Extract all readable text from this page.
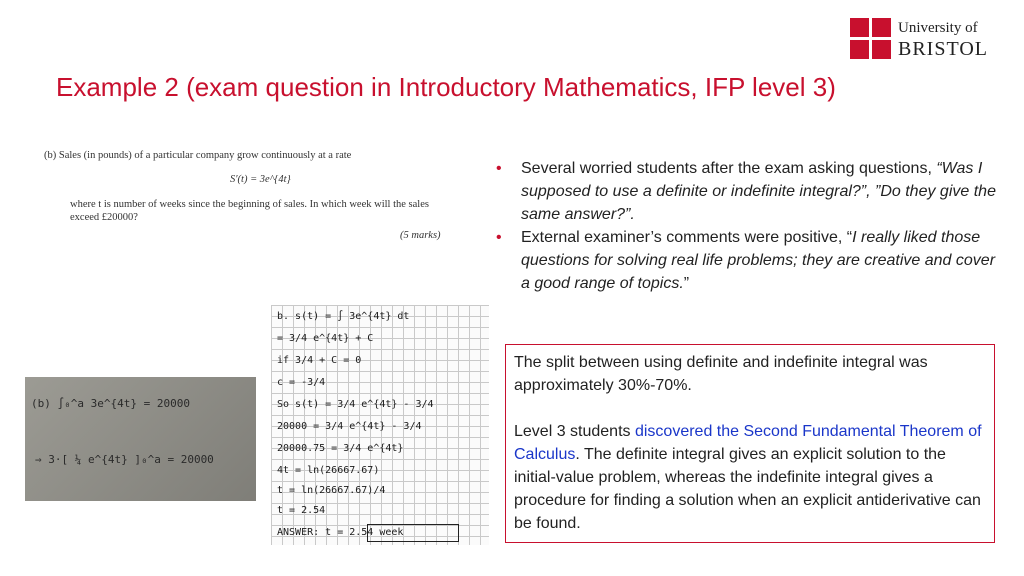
University of
BRISTOL
Example 2 (exam question in Introductory Mathematics, IFP level 3)
(b) Sales (in pounds) of a particular company grow continuously at a rate
S′(t) = 3e^{4t}
where t is number of weeks since the beginning of sales. In which week will the sales exceed £20000?
(5 marks)
(b) ∫₀^a 3e^{4t} = 20000
⇒ 3·[ ¼ e^{4t} ]₀^a = 20000
b. s(t) = ∫ 3e^{4t} dt
= 3/4 e^{4t} + C
if 3/4 + C = 0
c = -3/4
So s(t) = 3/4 e^{4t} - 3/4
20000 = 3/4 e^{4t} - 3/4
20000.75 = 3/4 e^{4t}
4t = ln(26667.67)
t = ln(26667.67)/4
t = 2.54
ANSWER: t = 2.54 week
• Several worried students after the exam asking questions, “Was I supposed to use a definite or indefinite integral?”, ”Do they give the same answer?”.
• External examiner’s comments were positive, “I really liked those questions for solving real life problems; they are creative and cover a good range of topics.”

The split between using definite and indefinite integral was approximately 30%-70%.

Level 3 students discovered the Second Fundamental Theorem of Calculus. The definite integral gives an explicit solution to the initial-value problem, whereas the indefinite integral gives a procedure for finding a solution when an explicit antiderivative can be found.
